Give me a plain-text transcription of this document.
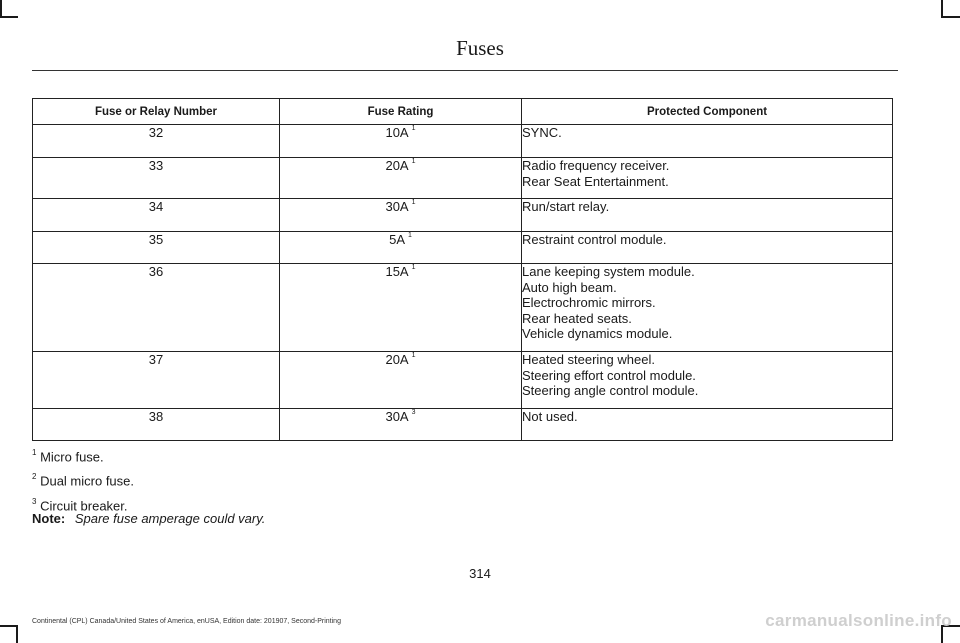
Fuses
Fuse or Relay Number	Fuse Rating	Protected Component
32	10A $^1$	SYNC.

33	20A $^1$	Radio frequency receiver.
Rear Seat Entertainment.

34	30A $^1$	Run/start relay.

35	5A $^1$	Restraint control module.

36	15A $^1$	Lane keeping system module.
Auto high beam.
Electrochromic mirrors.
Rear heated seats.
Vehicle dynamics module.

37	20A $^1$	Heated steering wheel.
Steering effort control module.
Steering angle control module.

38	30A $^3$	Not used.
$^1$ Micro fuse.
$^2$ Dual micro fuse.
$^3$ Circuit breaker.
Note: Spare fuse amperage could vary.
314
Continental (CPL) Canada/United States of America, enUSA, Edition date: 201907, Second-Printing	carmanualsonline.info
